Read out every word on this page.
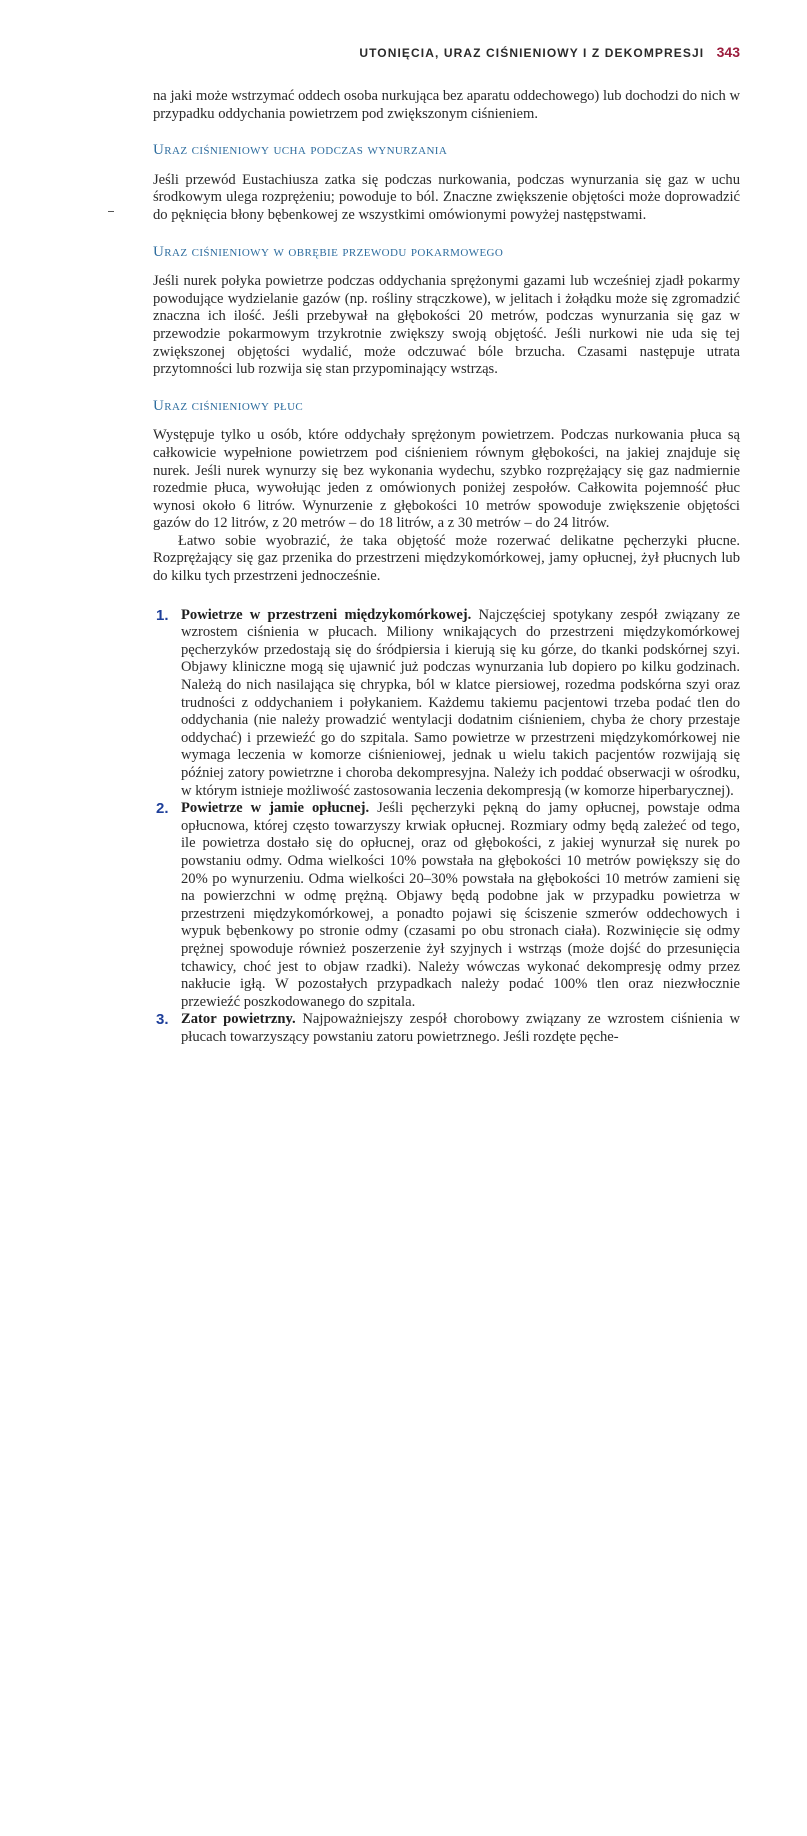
UTONIĘCIA, URAZ CIŚNIENIOWY I Z DEKOMPRESJI 343

na jaki może wstrzymać oddech osoba nurkująca bez aparatu oddechowego) lub dochodzi do nich w przypadku oddychania powietrzem pod zwiększonym ciśnieniem.

Uraz ciśnieniowy ucha podczas wynurzania

Jeśli przewód Eustachiusza zatka się podczas nurkowania, podczas wynurzania się gaz w uchu środkowym ulega rozprężeniu; powoduje to ból. Znaczne zwiększenie objętości może doprowadzić do pęknięcia błony bębenkowej ze wszystkimi omówionymi powyżej następstwami.

Uraz ciśnieniowy w obrębie przewodu pokarmowego

Jeśli nurek połyka powietrze podczas oddychania sprężonymi gazami lub wcześniej zjadł pokarmy powodujące wydzielanie gazów (np. rośliny strączkowe), w jelitach i żołądku może się zgromadzić znaczna ich ilość. Jeśli przebywał na głębokości 20 metrów, podczas wynurzania się gaz w przewodzie pokarmowym trzykrotnie zwiększy swoją objętość. Jeśli nurkowi nie uda się tej zwiększonej objętości wydalić, może odczuwać bóle brzucha. Czasami następuje utrata przytomności lub rozwija się stan przypominający wstrząs.

Uraz ciśnieniowy płuc

Występuje tylko u osób, które oddychały sprężonym powietrzem. Podczas nurkowania płuca są całkowicie wypełnione powietrzem pod ciśnieniem równym głębokości, na jakiej znajduje się nurek. Jeśli nurek wynurzy się bez wykonania wydechu, szybko rozprężający się gaz nadmiernie rozedmie płuca, wywołując jeden z omówionych poniżej zespołów. Całkowita pojemność płuc wynosi około 6 litrów. Wynurzenie z głębokości 10 metrów spowoduje zwiększenie objętości gazów do 12 litrów, z 20 metrów – do 18 litrów, a z 30 metrów – do 24 litrów.

Łatwo sobie wyobrazić, że taka objętość może rozerwać delikatne pęcherzyki płucne. Rozprężający się gaz przenika do przestrzeni międzykomórkowej, jamy opłucnej, żył płucnych lub do kilku tych przestrzeni jednocześnie.

1. Powietrze w przestrzeni międzykomórkowej. Najczęściej spotykany zespół związany ze wzrostem ciśnienia w płucach. Miliony wnikających do przestrzeni międzykomórkowej pęcherzyków przedostają się do śródpiersia i kierują się ku górze, do tkanki podskórnej szyi. Objawy kliniczne mogą się ujawnić już podczas wynurzania lub dopiero po kilku godzinach. Należą do nich nasilająca się chrypka, ból w klatce piersiowej, rozedma podskórna szyi oraz trudności z oddychaniem i połykaniem. Każdemu takiemu pacjentowi trzeba podać tlen do oddychania (nie należy prowadzić wentylacji dodatnim ciśnieniem, chyba że chory przestaje oddychać) i przewieźć go do szpitala. Samo powietrze w przestrzeni międzykomórkowej nie wymaga leczenia w komorze ciśnieniowej, jednak u wielu takich pacjentów rozwijają się później zatory powietrzne i choroba dekompresyjna. Należy ich poddać obserwacji w ośrodku, w którym istnieje możliwość zastosowania leczenia dekompresją (w komorze hiperbarycznej).

2. Powietrze w jamie opłucnej. Jeśli pęcherzyki pękną do jamy opłucnej, powstaje odma opłucnowa, której często towarzyszy krwiak opłucnej. Rozmiary odmy będą zależeć od tego, ile powietrza dostało się do opłucnej, oraz od głębokości, z jakiej wynurzał się nurek po powstaniu odmy. Odma wielkości 10% powstała na głębokości 10 metrów powiększy się do 20% po wynurzeniu. Odma wielkości 20–30% powstała na głębokości 10 metrów zamieni się na powierzchni w odmę prężną. Objawy będą podobne jak w przypadku powietrza w przestrzeni międzykomórkowej, a ponadto pojawi się ściszenie szmerów oddechowych i wypuk bębenkowy po stronie odmy (czasami po obu stronach ciała). Rozwinięcie się odmy prężnej spowoduje również poszerzenie żył szyjnych i wstrząs (może dojść do przesunięcia tchawicy, choć jest to objaw rzadki). Należy wówczas wykonać dekompresję odmy przez nakłucie igłą. W pozostałych przypadkach należy podać 100% tlen oraz niezwłocznie przewieźć poszkodowanego do szpitala.

3. Zator powietrzny. Najpoważniejszy zespół chorobowy związany ze wzrostem ciśnienia w płucach towarzyszący powstaniu zatoru powietrznego. Jeśli rozdęte pęche-
